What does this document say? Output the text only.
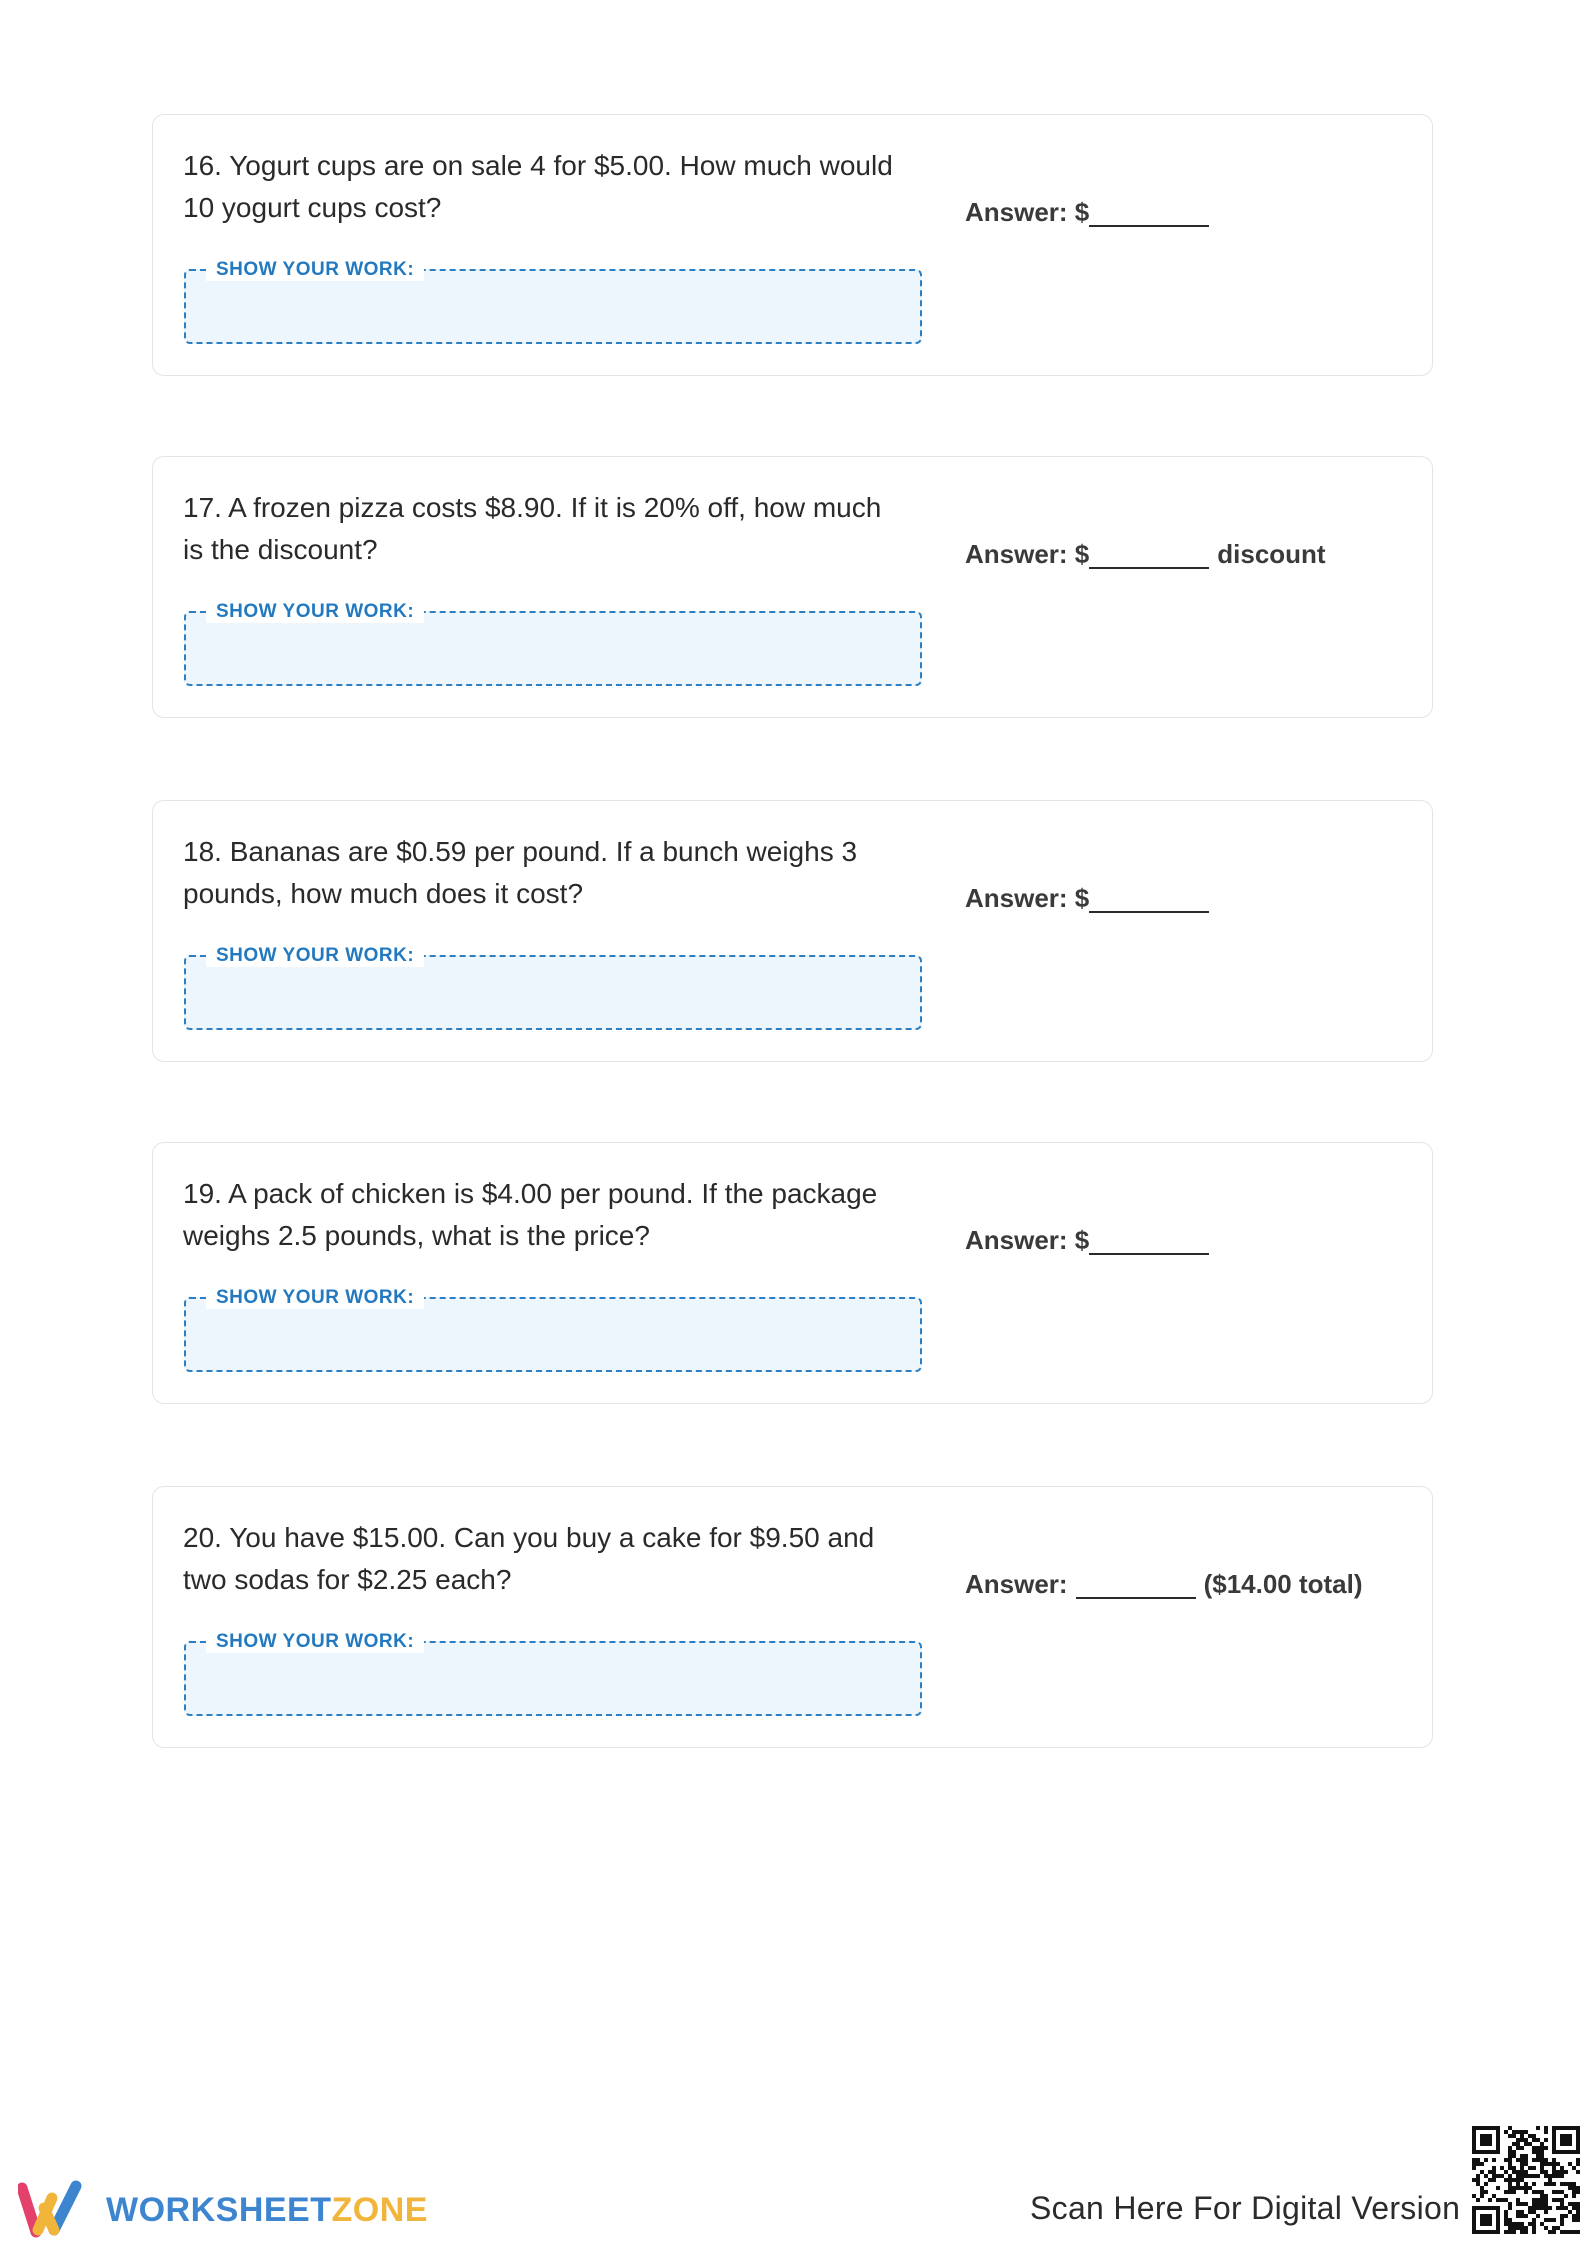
16. Yogurt cups are on sale 4 for $5.00. How much would 10 yogurt cups cost?
SHOW YOUR WORK:
Answer: $
17. A frozen pizza costs $8.90. If it is 20% off, how much is the discount?
SHOW YOUR WORK:
Answer: $	discount
18. Bananas are $0.59 per pound. If a bunch weighs 3 pounds, how much does it cost?
SHOW YOUR WORK:
Answer: $
19. A pack of chicken is $4.00 per pound. If the package weighs 2.5 pounds, what is the price?
SHOW YOUR WORK:
Answer: $
20. You have $15.00. Can you buy a cake for $9.50 and two sodas for $2.25 each?
SHOW YOUR WORK:
Answer:	($14.00 total)
WORKSHEETZONE	Scan Here For Digital Version
